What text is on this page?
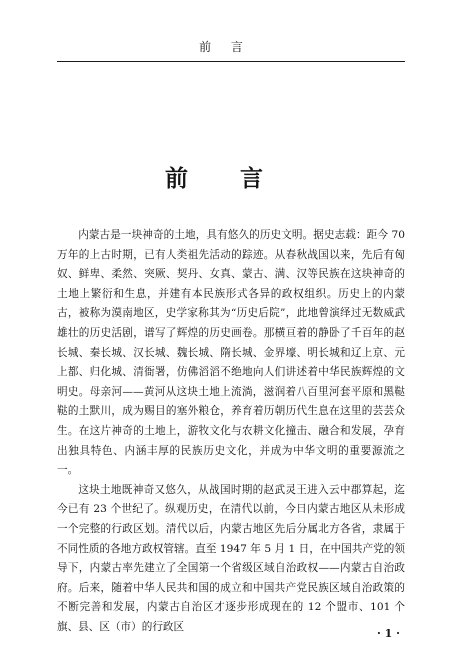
前 言
前 言

内蒙古是一块神奇的土地，具有悠久的历史文明。据史志载：距今 70 万年的上古时期，已有人类祖先活动的踪迹。从春秋战国以来，先后有匈奴、鲜卑、柔然、突厥、契丹、女真、蒙古、满、汉等民族在这块神奇的土地上繁衍和生息，并建有本民族形式各异的政权组织。历史上的内蒙古，被称为漠南地区，史学家称其为“历史后院”，此地曾演绎过无数威武雄壮的历史活剧，谱写了辉煌的历史画卷。那横亘着的静卧了千百年的赵长城、秦长城、汉长城、魏长城、隋长城、金界壕、明长城和辽上京、元上都、归化城、清衙署，仿佛滔滔不绝地向人们讲述着中华民族辉煌的文明史。母亲河——黄河从这块土地上流淌，滋润着八百里河套平原和黑鞑鞑的土默川，成为赐目的塞外粮仓，养育着历朝历代生息在这里的芸芸众生。在这片神奇的土地上，游牧文化与农耕文化撞击、融合和发展，孕育出独具特色、内涵丰厚的民族历史文化，并成为中华文明的重要源流之一。

这块土地既神奇又悠久，从战国时期的赵武灵王进入云中郡算起，迄今已有 23 个世纪了。纵观历史，在清代以前，今日内蒙古地区从未形成一个完整的行政区划。清代以后，内蒙古地区先后分属北方各省，隶属于不同性质的各地方政权管辖。直至 1947 年 5 月 1 日，在中国共产党的领导下，内蒙古率先建立了全国第一个省级区域自治政权——内蒙古自治政府。后来，随着中华人民共和国的成立和中国共产党民族区域自治政策的不断完善和发展，内蒙古自治区才逐步形成现在的 12 个盟市、101 个旗、县、区（市）的行政区

· 1 ·
